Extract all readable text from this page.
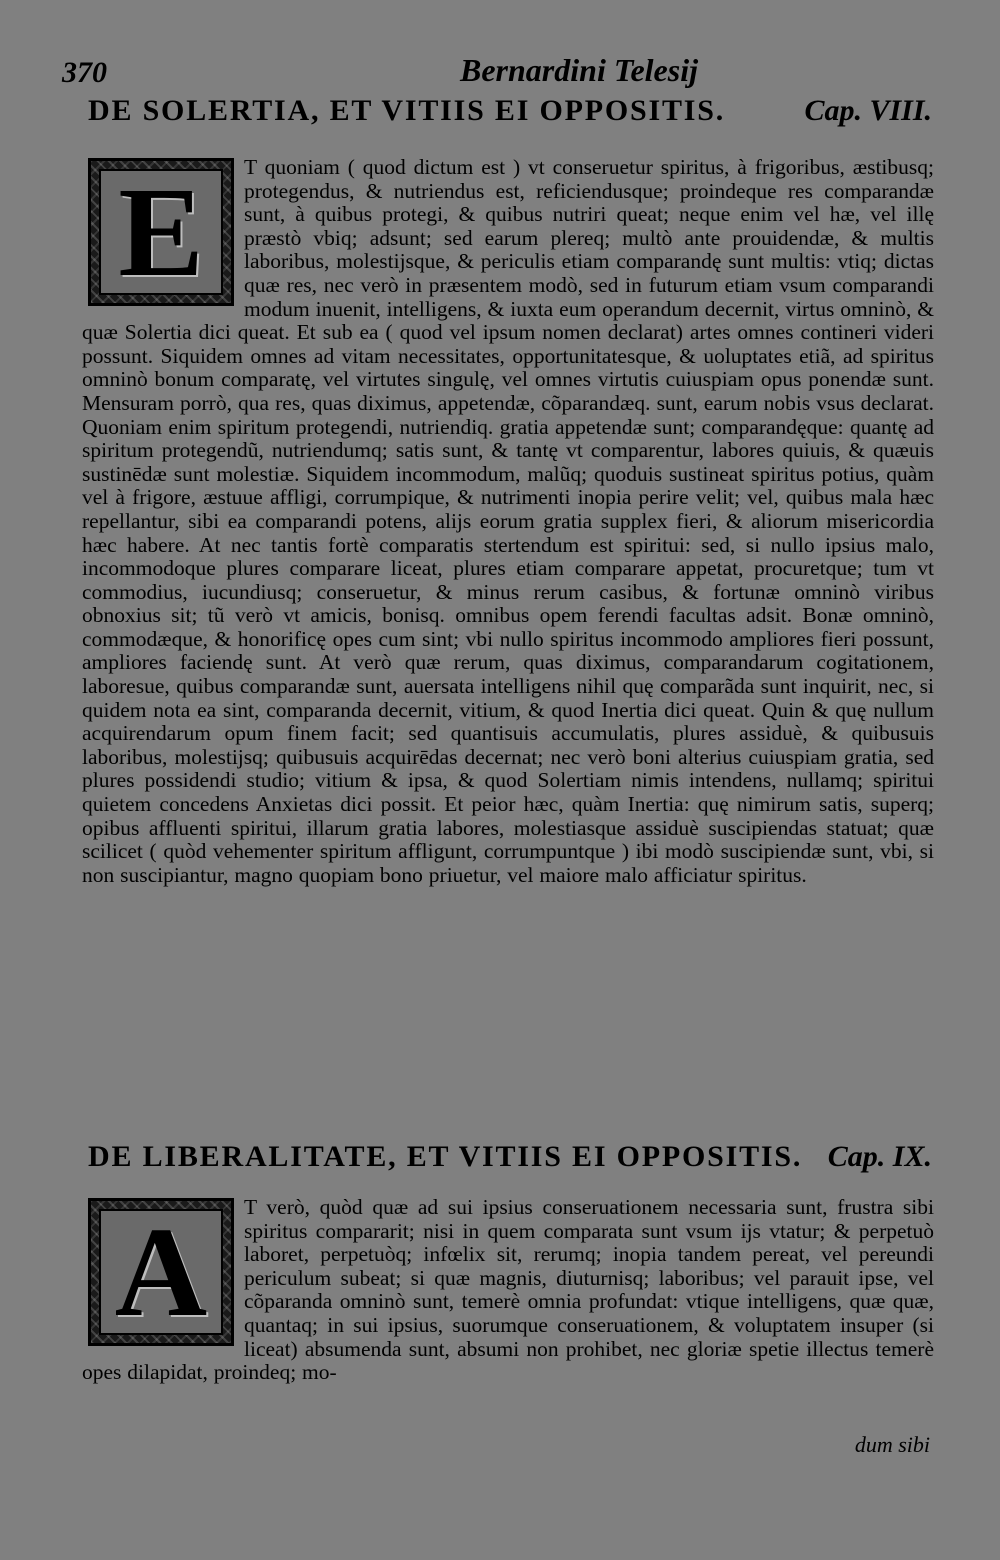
370	Bernardini Telesij
DE SOLERTIA, ET VITIIS EI OPPOSITIS.	Cap. VIII.
E	T quoniam ( quod dictum est ) vt conseruetur spiritus, à frigoribus, æstibusq; protegendus, & nutriendus est, reficiendusque; proindeque res comparandæ sunt, à quibus protegi, & quibus nutriri queat; neque enim vel hæ, vel illę præstò vbiq; adsunt; sed earum plereq; multò ante prouidendæ, & multis laboribus, molestijsque, & periculis etiam comparandę sunt multis: vtiq; dictas quæ res, nec verò in præsentem modò, sed in futurum etiam vsum comparandi modum inuenit, intelligens, & iuxta eum operandum decernit, virtus omninò, & quæ Solertia dici queat. Et sub ea ( quod vel ipsum nomen declarat) artes omnes contineri videri possunt. Siquidem omnes ad vitam necessitates, opportunitatesque, & uoluptates etiã, ad spiritus omninò bonum comparatę, vel virtutes singulę, vel omnes virtutis cuiuspiam opus ponendæ sunt. Mensuram porrò, qua res, quas diximus, appetendæ, cõparandæq. sunt, earum nobis vsus declarat. Quoniam enim spiritum protegendi, nutriendiq. gratia appetendæ sunt; comparandęque: quantę ad spiritum protegendũ, nutriendumq; satis sunt, & tantę vt comparentur, labores quiuis, & quæuis sustinēdæ sunt molestiæ. Siquidem incommodum, malũq; quoduis sustineat spiritus potius, quàm vel à frigore, æstuue affligi, corrumpique, & nutrimenti inopia perire velit; vel, quibus mala hæc repellantur, sibi ea comparandi potens, alijs eorum gratia supplex fieri, & aliorum misericordia hæc habere. At nec tantis fortè comparatis stertendum est spiritui: sed, si nullo ipsius malo, incommodoque plures comparare liceat, plures etiam comparare appetat, procuretque; tum vt commodius, iucundiusq; conseruetur, & minus rerum casibus, & fortunæ omninò viribus obnoxius sit; tũ verò vt amicis, bonisq. omnibus opem ferendi facultas adsit. Bonæ omninò, commodæque, & honorificę opes cum sint; vbi nullo spiritus incommodo ampliores fieri possunt, ampliores faciendę sunt. At verò quæ rerum, quas diximus, comparandarum cogitationem, laboresue, quibus comparandæ sunt, auersata intelligens nihil quę comparãda sunt inquirit, nec, si quidem nota ea sint, comparanda decernit, vitium, & quod Inertia dici queat. Quin & quę nullum acquirendarum opum finem facit; sed quantisuis accumulatis, plures assiduè, & quibusuis laboribus, molestijsq; quibusuis acquirēdas decernat; nec verò boni alterius cuiuspiam gratia, sed plures possidendi studio; vitium & ipsa, & quod Solertiam nimis intendens, nullamq; spiritui quietem concedens Anxietas dici possit. Et peior hæc, quàm Inertia: quę nimirum satis, superq; opibus affluenti spiritui, illarum gratia labores, molestiasque assiduè suscipiendas statuat; quæ scilicet ( quòd vehementer spiritum affligunt, corrumpuntque ) ibi modò suscipiendæ sunt, vbi, si non suscipiantur, magno quopiam bono priuetur, vel maiore malo afficiatur spiritus.

DE LIBERALITATE, ET VITIIS EI OPPOSITIS. Cap. IX.
A	T verò, quòd quæ ad sui ipsius conseruationem necessaria sunt, frustra sibi spiritus compararit; nisi in quem comparata sunt vsum ijs vtatur; & perpetuò laboret, perpetuòq; infœlix sit, rerumq; inopia tandem pereat, vel pereundi periculum subeat; si quæ magnis, diuturnisq; laboribus; vel parauit ipse, vel cõparanda omninò sunt, temerè omnia profundat: vtique intelligens, quæ quæ, quantaq; in sui ipsius, suorumque conseruationem, & voluptatem insuper (si liceat) absumenda sunt, absumi non prohibet, nec gloriæ spetie illectus temerè opes dilapidat, proindeq; mo-

dum sibi
